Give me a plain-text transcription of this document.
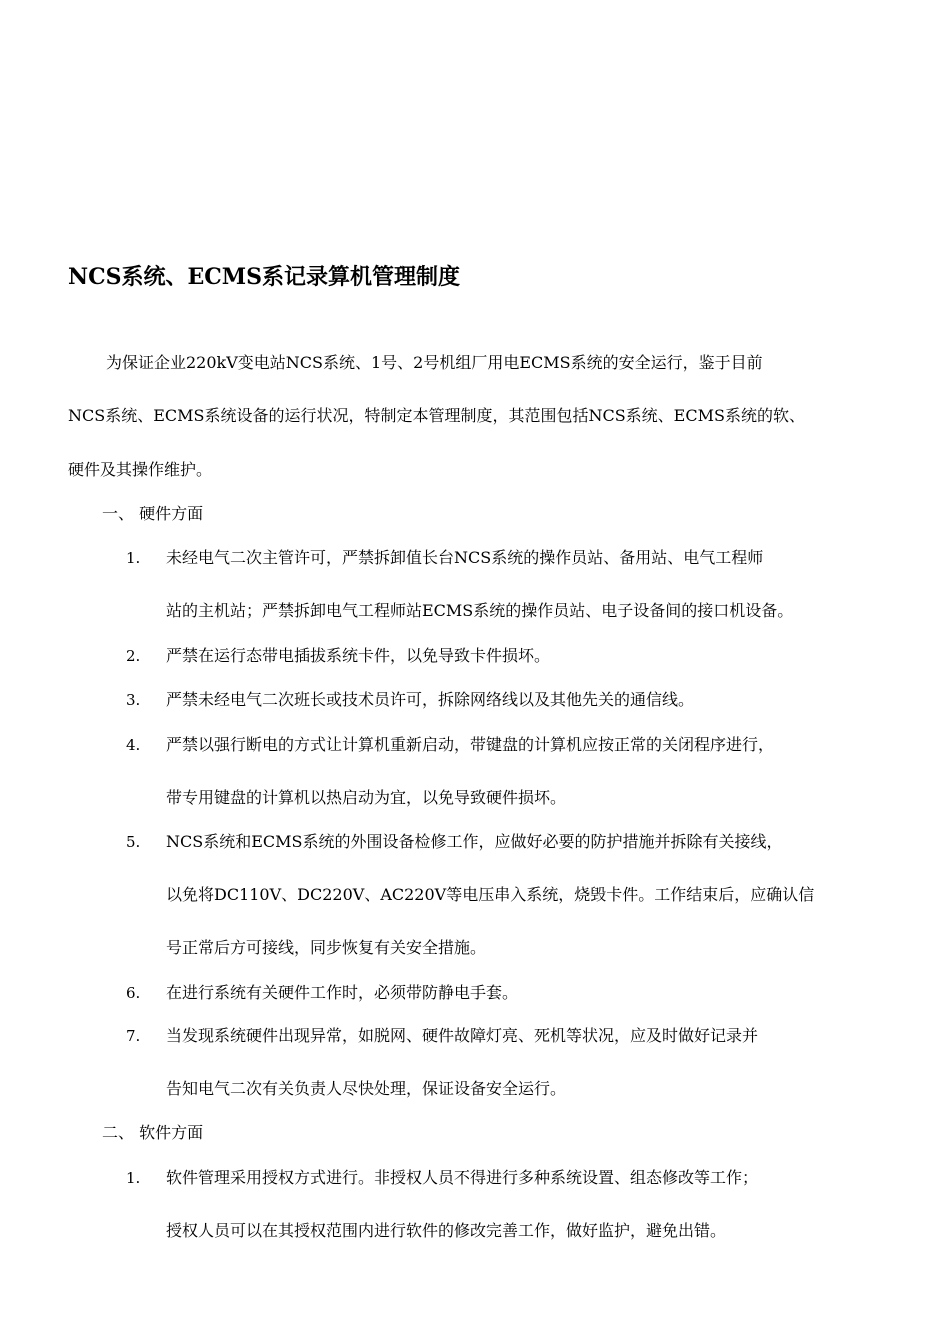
NCS系统、ECMS系记录算机管理制度
为保证企业220kV变电站NCS系统、1号、2号机组厂用电ECMS系统的安全运行，鉴于目前
NCS系统、ECMS系统设备的运行状况，特制定本管理制度，其范围包括NCS系统、ECMS系统的软、
硬件及其操作维护。
一、 硬件方面
1. 未经电气二次主管许可，严禁拆卸值长台NCS系统的操作员站、备用站、电气工程师
站的主机站；严禁拆卸电气工程师站ECMS系统的操作员站、电子设备间的接口机设备。
2. 严禁在运行态带电插拔系统卡件，以免导致卡件损坏。
3. 严禁未经电气二次班长或技术员许可，拆除网络线以及其他先关的通信线。
4. 严禁以强行断电的方式让计算机重新启动，带键盘的计算机应按正常的关闭程序进行，
带专用键盘的计算机以热启动为宜，以免导致硬件损坏。
5. NCS系统和ECMS系统的外围设备检修工作，应做好必要的防护措施并拆除有关接线，
以免将DC110V、DC220V、AC220V等电压串入系统，烧毁卡件。工作结束后，应确认信
号正常后方可接线，同步恢复有关安全措施。
6. 在进行系统有关硬件工作时，必须带防静电手套。
7. 当发现系统硬件出现异常，如脱网、硬件故障灯亮、死机等状况，应及时做好记录并
告知电气二次有关负责人尽快处理，保证设备安全运行。
二、 软件方面
1. 软件管理采用授权方式进行。非授权人员不得进行多种系统设置、组态修改等工作；
授权人员可以在其授权范围内进行软件的修改完善工作，做好监护，避免出错。
